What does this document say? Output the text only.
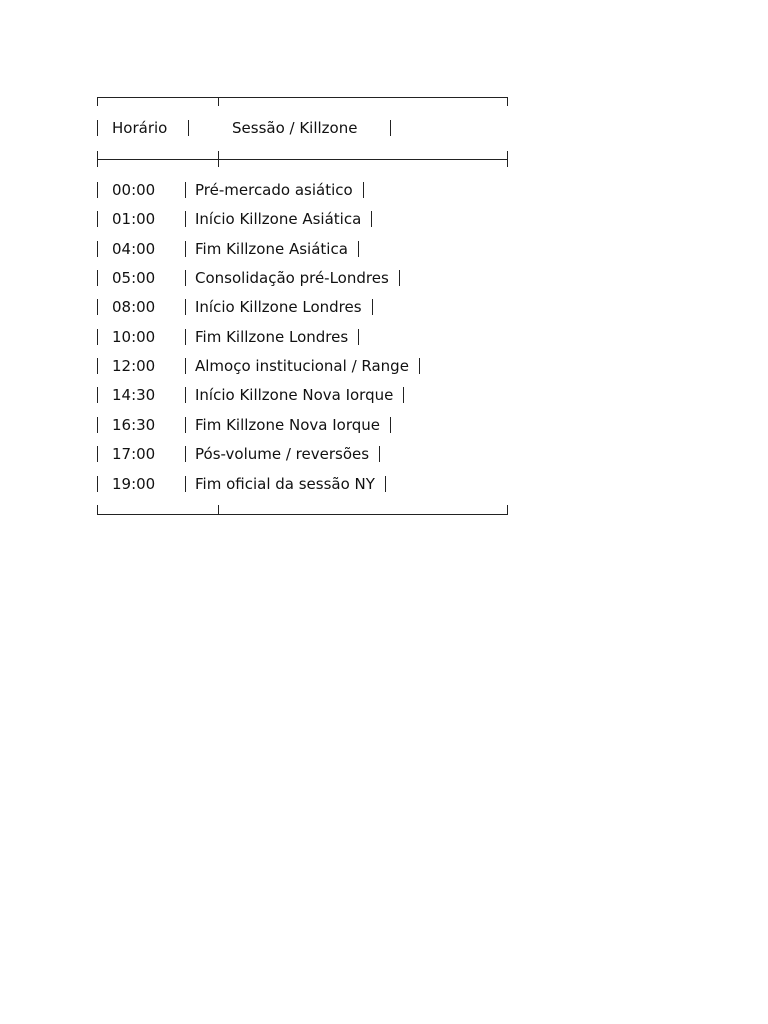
Horário	Sessão / Killzone
00:00	Pré-mercado asiático
01:00	Início Killzone Asiática
04:00	Fim Killzone Asiática
05:00	Consolidação pré-Londres
08:00	Início Killzone Londres
10:00	Fim Killzone Londres
12:00	Almoço institucional / Range
14:30	Início Killzone Nova Iorque
16:30	Fim Killzone Nova Iorque
17:00	Pós-volume / reversões
19:00	Fim oficial da sessão NY
